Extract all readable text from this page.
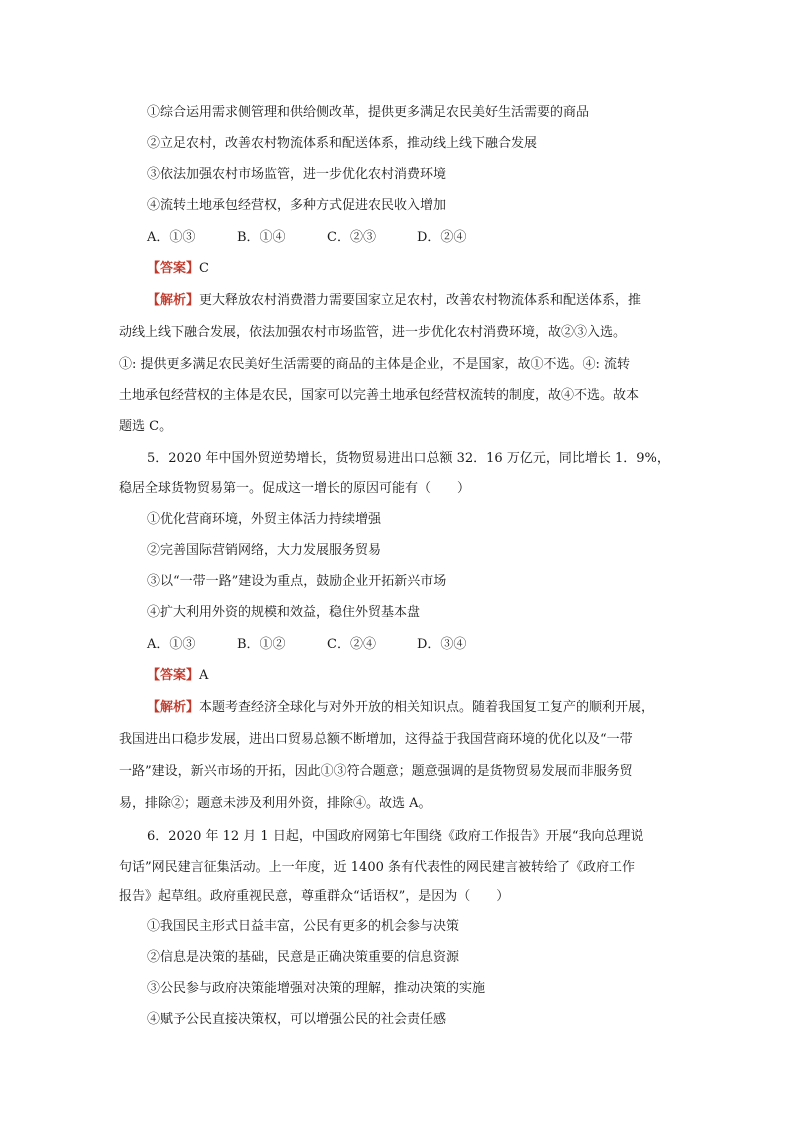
①综合运用需求侧管理和供给侧改革，提供更多满足农民美好生活需要的商品
②立足农村，改善农村物流体系和配送体系，推动线上线下融合发展
③依法加强农村市场监管，进一步优化农村消费环境
④流转土地承包经营权，多种方式促进农民收入增加
A．①③	B．①④	C．②③	D．②④
【答案】C
【解析】更大释放农村消费潜力需要国家立足农村，改善农村物流体系和配送体系，推
动线上线下融合发展，依法加强农村市场监管，进一步优化农村消费环境，故②③入选。
①: 提供更多满足农民美好生活需要的商品的主体是企业，不是国家，故①不选。④: 流转
土地承包经营权的主体是农民，国家可以完善土地承包经营权流转的制度，故④不选。故本
题选 C。
5．2020 年中国外贸逆势增长，货物贸易进出口总额 32．16 万亿元，同比增长 1．9%，
稳居全球货物贸易第一。促成这一增长的原因可能有（　　）
①优化营商环境，外贸主体活力持续增强
②完善国际营销网络，大力发展服务贸易
③以“一带一路”建设为重点，鼓励企业开拓新兴市场
④扩大利用外资的规模和效益，稳住外贸基本盘
A．①③	B．①②	C．②④	D．③④
【答案】A
【解析】本题考查经济全球化与对外开放的相关知识点。随着我国复工复产的顺利开展，
我国进出口稳步发展，进出口贸易总额不断增加，这得益于我国营商环境的优化以及“一带
一路”建设，新兴市场的开拓，因此①③符合题意；题意强调的是货物贸易发展而非服务贸
易，排除②；题意未涉及利用外资，排除④。故选 A。
6．2020 年 12 月 1 日起，中国政府网第七年围绕《政府工作报告》开展“我向总理说
句话”网民建言征集活动。上一年度，近 1400 条有代表性的网民建言被转给了《政府工作
报告》起草组。政府重视民意，尊重群众“话语权”，是因为（　　）
①我国民主形式日益丰富，公民有更多的机会参与决策
②信息是决策的基础，民意是正确决策重要的信息资源
③公民参与政府决策能增强对决策的理解，推动决策的实施
④赋予公民直接决策权，可以增强公民的社会责任感
